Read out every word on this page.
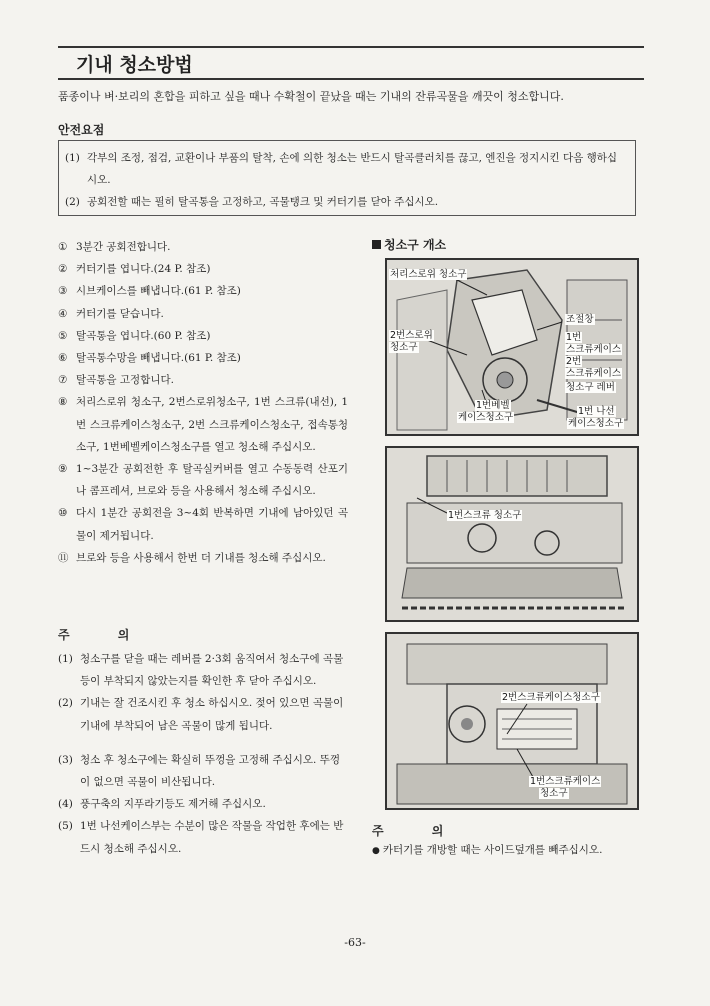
기내 청소방법
품종이나 벼·보리의 혼합을 피하고 싶을 때나 수확철이 끝났을 때는 기내의 잔류곡물을 깨끗이 청소합니다.
안전요점
(1) 각부의 조정, 점검, 교환이나 부품의 탈착, 손에 의한 청소는 반드시 탈곡클러치를 끊고, 엔진을 정지시킨 다음 행하십시오.
(2) 공회전할 때는 필히 탈곡통을 고정하고, 곡물탱크 및 커터기를 닫아 주십시오.
① 3분간 공회전합니다.
② 커터기를 엽니다.(24 P. 참조)
③ 시브케이스를 빼냅니다.(61 P. 참조)
④ 커터기를 닫습니다.
⑤ 탈곡통을 엽니다.(60 P. 참조)
⑥ 탈곡통수망을 빼냅니다.(61 P. 참조)
⑦ 탈곡통을 고정합니다.
⑧ 처리스로위 청소구, 2번스로위청소구, 1번 스크류(내선), 1번 스크류케이스청소구, 2번 스크류케이스청소구, 접속통청소구, 1번베벨케이스청소구를 열고 청소해 주십시오.
⑨ 1~3분간 공회전한 후 탈곡실커버를 열고 수동동력 산포기나 콤프레셔, 브로와 등을 사용해서 청소해 주십시오.
⑩ 다시 1분간 공회전을 3~4회 반복하면 기내에 남아있던 곡물이 제거됩니다.
⑪ 브로와 등을 사용해서 한번 더 기내를 청소해 주십시오.
주 의
(1) 청소구를 닫을 때는 레버를 2·3회 움직여서 청소구에 곡물등이 부착되지 않았는지를 확인한 후 닫아 주십시오.
(2) 기내는 잘 건조시킨 후 청소 하십시오. 젖어 있으면 곡물이 기내에 부착되어 남은 곡물이 많게 됩니다.
(3) 청소 후 청소구에는 확실히 뚜껑을 고정해 주십시오. 뚜껑이 없으면 곡물이 비산됩니다.
(4) 풍구축의 지푸라기등도 제거해 주십시오.
(5) 1번 나선케이스부는 수분이 많은 작물을 작업한 후에는 반드시 청소해 주십시오.
청소구 개소
처리스로위 청소구
조절창
2번스로위
청소구
1번
스크류케이스
2번
스크류케이스
청소구 레버
1번베벨
케이스청소구
1번 나선
케이스청소구
1번스크류 청소구
2번스크류케이스청소구
1번스크류케이스
청소구
주 의
● 카터기를 개방할 때는 사이드덮개를 빼주십시오.
-63-
